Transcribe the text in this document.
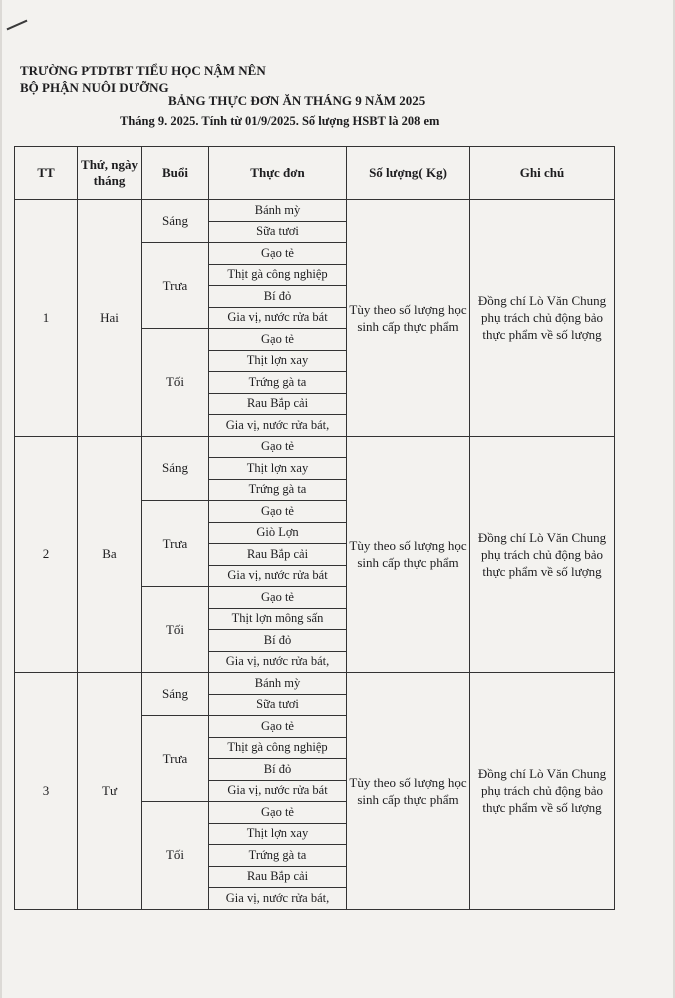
TRƯỜNG PTDTBT TIỂU HỌC NẬM NÊN
BỘ PHẬN NUÔI DƯỠNG
BẢNG THỰC ĐƠN ĂN THÁNG 9 NĂM 2025
Tháng 9. 2025. Tính từ 01/9/2025. Số lượng HSBT là 208 em
TT	Thứ, ngày tháng	Buổi	Thực đơn	Số lượng( Kg)	Ghi chú
1	Hai	Sáng	Bánh mỳ	Tùy theo số lượng học sinh cấp thực phẩm	Đồng chí Lò Văn Chung phụ trách chủ động bảo thực phẩm về số lượng
			Sữa tươi		
		Trưa	Gạo tẻ		
			Thịt gà công nghiệp		
			Bí đỏ		
			Gia vị, nước rửa bát		
		Tối	Gạo tẻ		
			Thịt lợn xay		
			Trứng gà ta		
			Rau Bắp cải		
			Gia vị, nước rửa bát,		
2	Ba	Sáng	Gạo tẻ	Tùy theo số lượng học sinh cấp thực phẩm	Đồng chí Lò Văn Chung phụ trách chủ động bảo thực phẩm về số lượng
			Thịt lợn xay		
			Trứng gà ta		
		Trưa	Gạo tẻ		
			Giò Lợn		
			Rau Bắp cải		
			Gia vị, nước rửa bát		
		Tối	Gạo tẻ		
			Thịt lợn mông sấn		
			Bí đỏ		
			Gia vị, nước rửa bát,		
3	Tư	Sáng	Bánh mỳ	Tùy theo số lượng học sinh cấp thực phẩm	Đồng chí Lò Văn Chung phụ trách chủ động bảo thực phẩm về số lượng
			Sữa tươi		
		Trưa	Gạo tẻ		
			Thịt gà công nghiệp		
			Bí đỏ		
			Gia vị, nước rửa bát		
		Tối	Gạo tẻ		
			Thịt lợn xay		
			Trứng gà ta		
			Rau Bắp cải		
			Gia vị, nước rửa bát,		
